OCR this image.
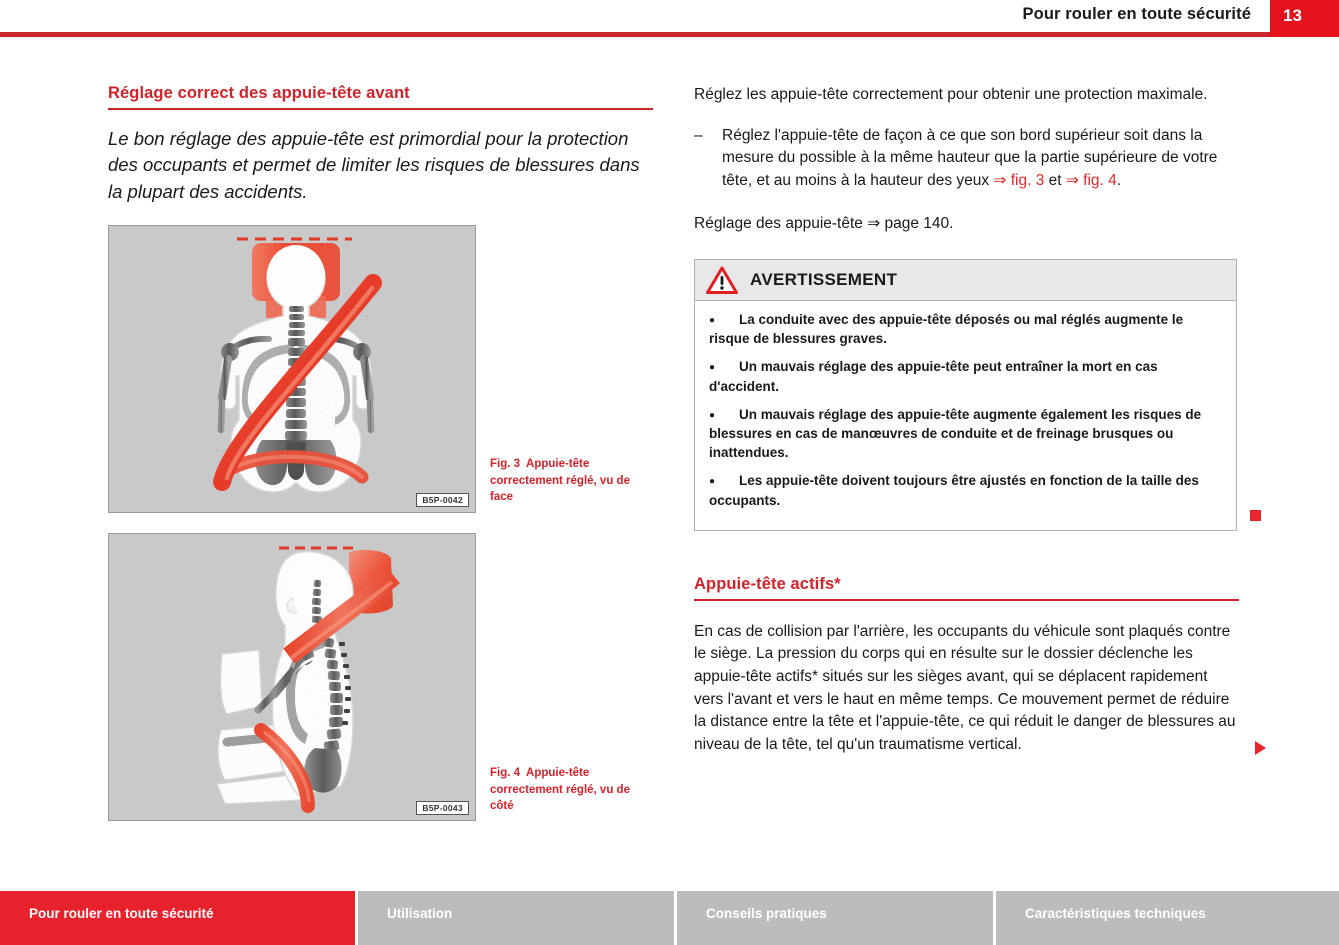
Pour rouler en toute sécurité 13
Réglage correct des appuie-tête avant
Le bon réglage des appuie-tête est primordial pour la protection des occupants et permet de limiter les risques de blessures dans la plupart des accidents.
B5P-0042
Fig. 3 Appuie-tête correctement réglé, vu de face
B5P-0043
Fig. 4 Appuie-tête correctement réglé, vu de côté
Réglez les appuie-tête correctement pour obtenir une protection maximale.
–	Réglez l'appuie-tête de façon à ce que son bord supérieur soit dans la mesure du possible à la même hauteur que la partie supérieure de votre tête, et au moins à la hauteur des yeux ⇒ fig. 3 et ⇒ fig. 4.
Réglage des appuie-tête ⇒ page 140.
AVERTISSEMENT
●La conduite avec des appuie-tête déposés ou mal réglés augmente le risque de blessures graves.
●Un mauvais réglage des appuie-tête peut entraîner la mort en cas d'accident.
●Un mauvais réglage des appuie-tête augmente également les risques de blessures en cas de manœuvres de conduite et de freinage brusques ou inattendues.
●Les appuie-tête doivent toujours être ajustés en fonction de la taille des occupants.
Appuie-tête actifs*
En cas de collision par l'arrière, les occupants du véhicule sont plaqués contre le siège. La pression du corps qui en résulte sur le dossier déclenche les appuie-tête actifs* situés sur les sièges avant, qui se déplacent rapidement vers l'avant et vers le haut en même temps. Ce mouvement permet de réduire la distance entre la tête et l'appuie-tête, ce qui réduit le danger de blessures au niveau de la tête, tel qu'un traumatisme vertical.
Pour rouler en toute sécurité	Utilisation	Conseils pratiques	Caractéristiques techniques
